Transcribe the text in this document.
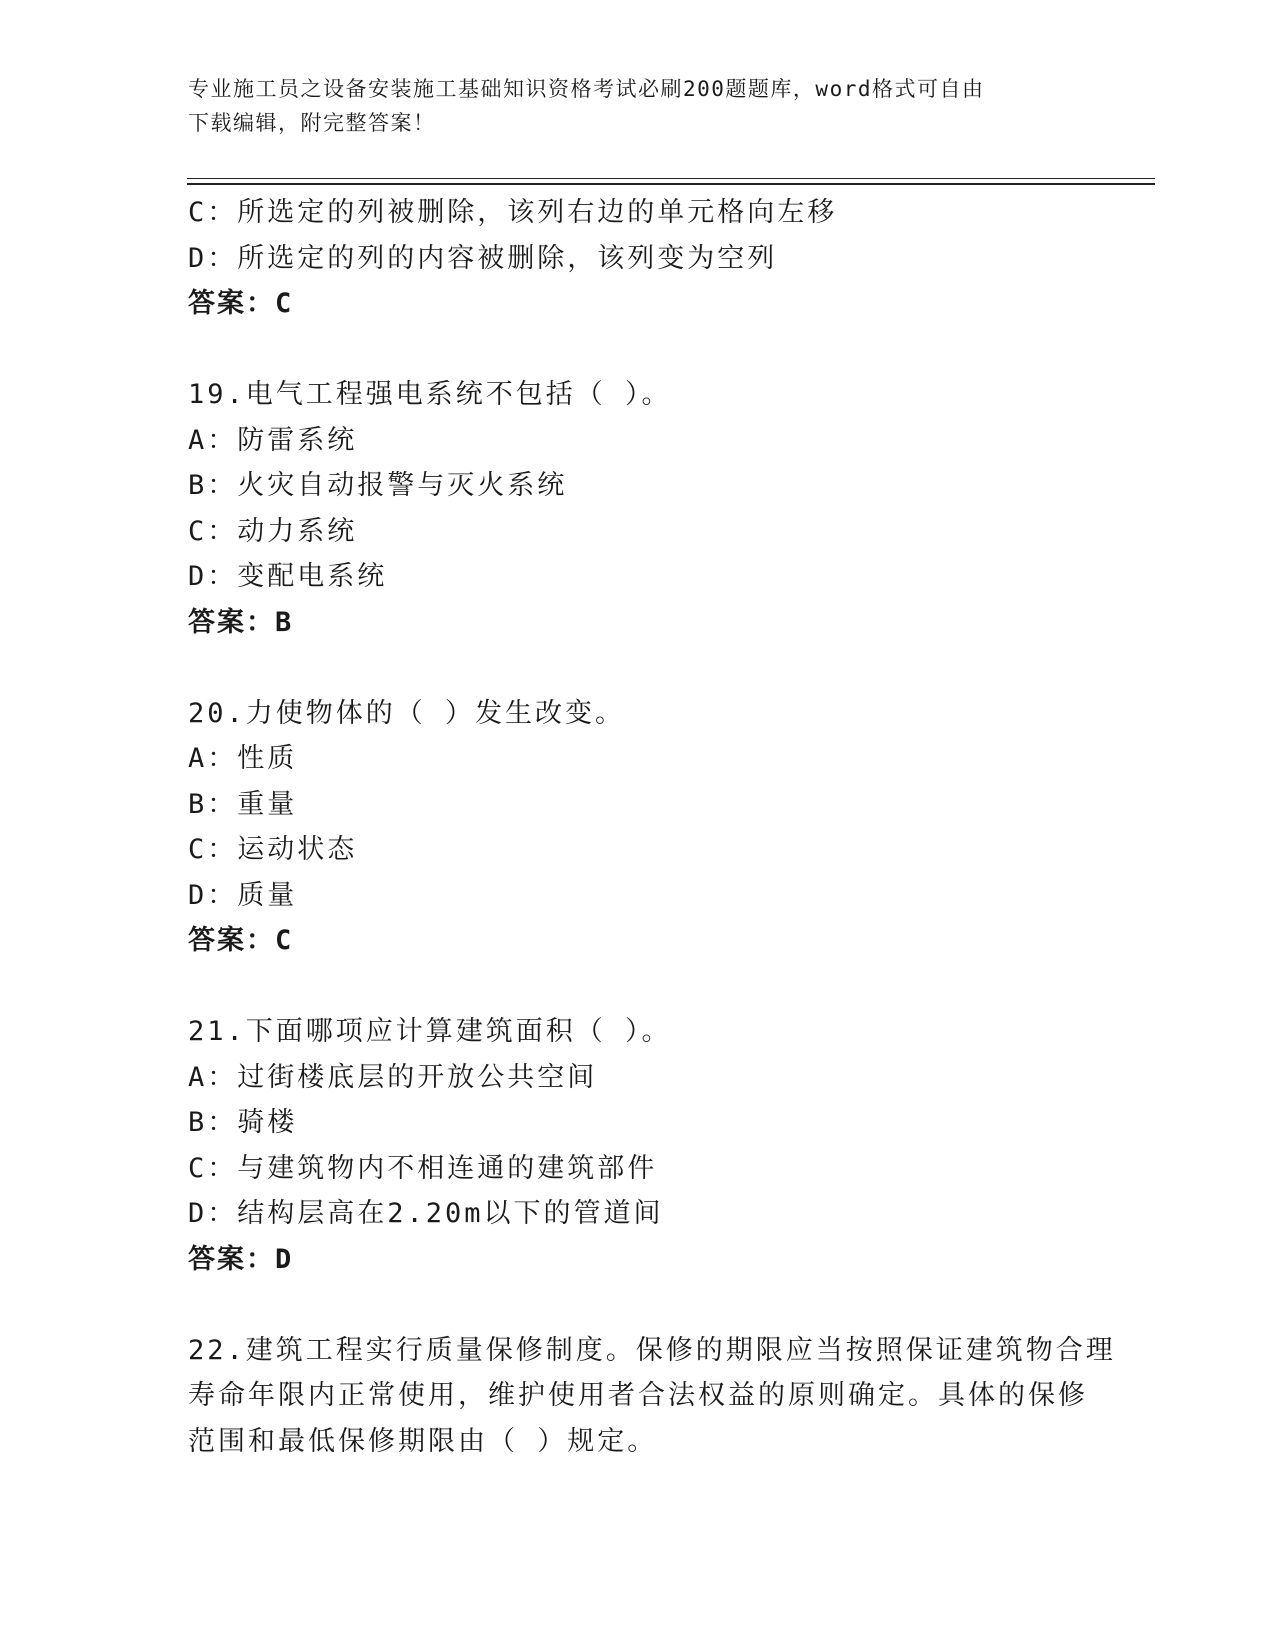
专业施工员之设备安装施工基础知识资格考试必刷200题题库，word格式可自由
下载编辑，附完整答案！
C：所选定的列被删除，该列右边的单元格向左移
D：所选定的列的内容被删除，该列变为空列
答案：C
19.电气工程强电系统不包括（ ）。
A：防雷系统
B：火灾自动报警与灭火系统
C：动力系统
D：变配电系统
答案：B
20.力使物体的（ ）发生改变。
A：性质
B：重量
C：运动状态
D：质量
答案：C
21.下面哪项应计算建筑面积（ ）。
A：过街楼底层的开放公共空间
B：骑楼
C：与建筑物内不相连通的建筑部件
D：结构层高在2.20m以下的管道间
答案：D
22.建筑工程实行质量保修制度。保修的期限应当按照保证建筑物合理
寿命年限内正常使用，维护使用者合法权益的原则确定。具体的保修
范围和最低保修期限由（ ）规定。
